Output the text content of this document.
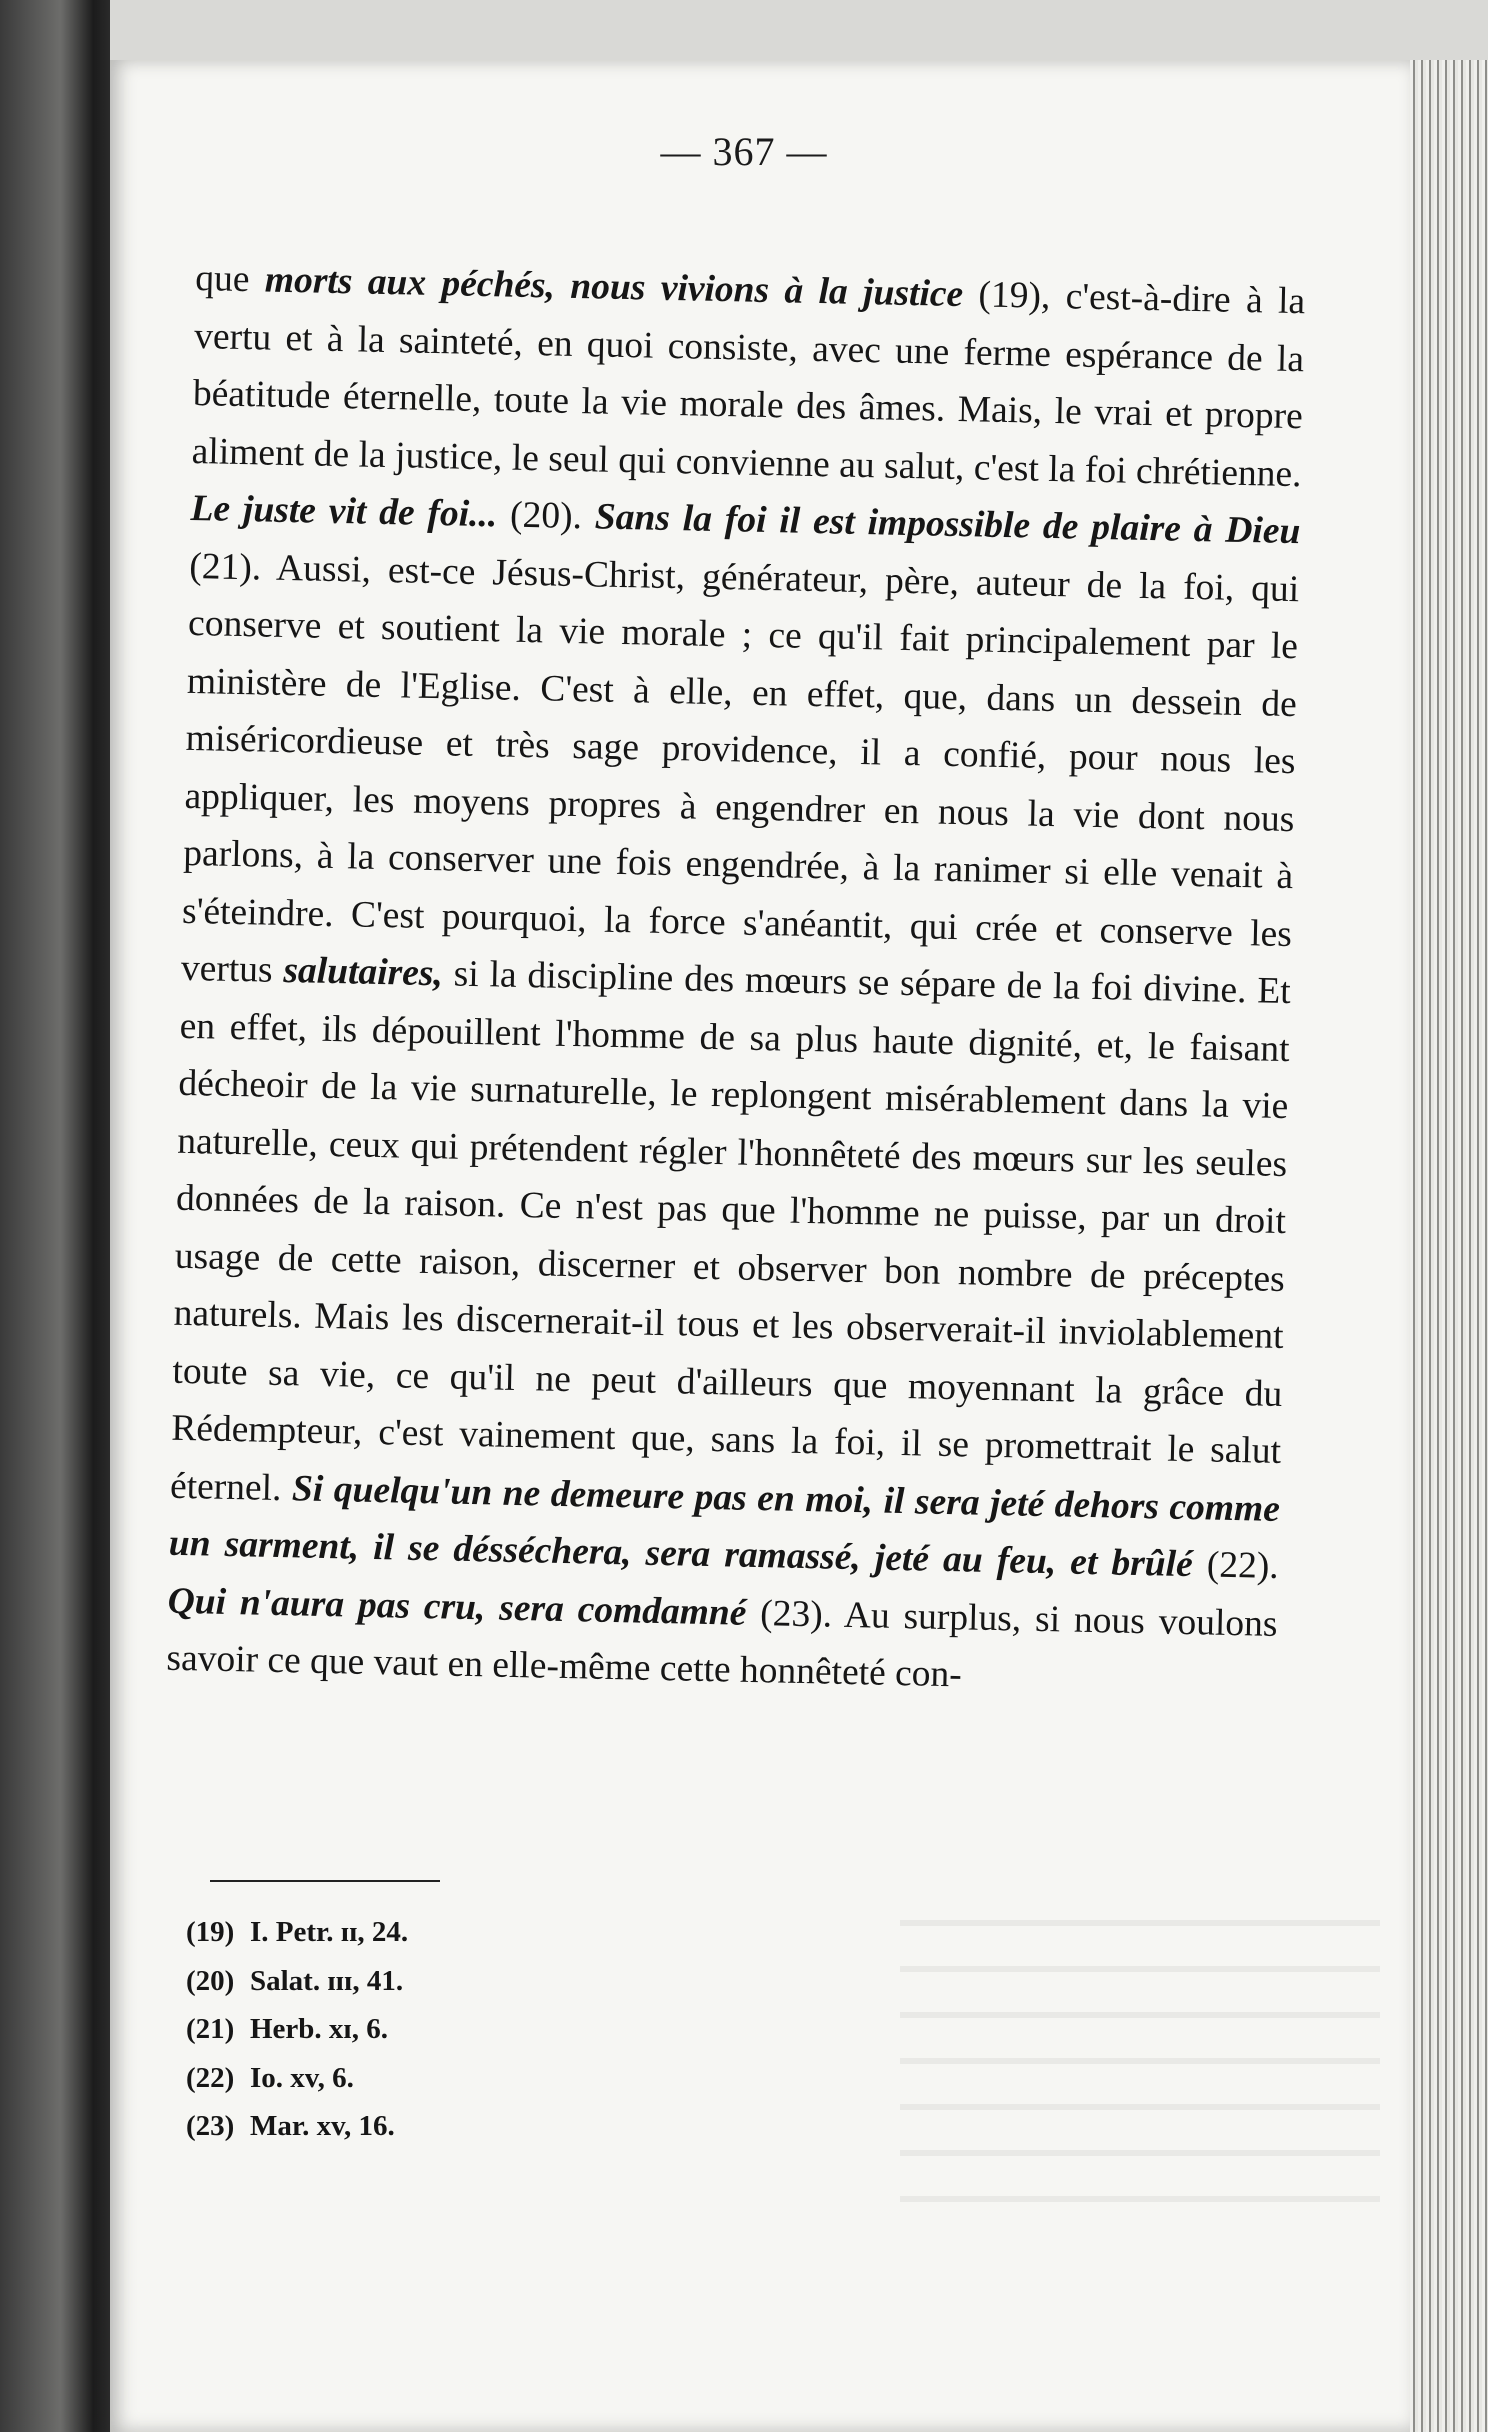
— 367 —

que morts aux péchés, nous vivions à la justice (19), c'est-à-dire à la vertu et à la sainteté, en quoi consiste, avec une ferme espérance de la béatitude éternelle, toute la vie morale des âmes. Mais, le vrai et propre aliment de la justice, le seul qui convienne au salut, c'est la foi chrétienne. Le juste vit de foi... (20). Sans la foi il est impossible de plaire à Dieu (21). Aussi, est-ce Jésus-Christ, générateur, père, auteur de la foi, qui conserve et soutient la vie morale ; ce qu'il fait principalement par le ministère de l'Eglise. C'est à elle, en effet, que, dans un dessein de miséricordieuse et très sage providence, il a confié, pour nous les appliquer, les moyens propres à engendrer en nous la vie dont nous parlons, à la conserver une fois engendrée, à la ranimer si elle venait à s'éteindre. C'est pourquoi, la force s'anéantit, qui crée et conserve les vertus salutaires, si la discipline des mœurs se sépare de la foi divine. Et en effet, ils dépouillent l'homme de sa plus haute dignité, et, le faisant décheoir de la vie surnaturelle, le replongent misérablement dans la vie naturelle, ceux qui prétendent régler l'honnêteté des mœurs sur les seules données de la raison. Ce n'est pas que l'homme ne puisse, par un droit usage de cette raison, discerner et observer bon nombre de préceptes naturels. Mais les discernerait-il tous et les observerait-il inviolablement toute sa vie, ce qu'il ne peut d'ailleurs que moyennant la grâce du Rédempteur, c'est vainement que, sans la foi, il se promettrait le salut éternel. Si quelqu'un ne demeure pas en moi, il sera jeté dehors comme un sarment, il se désséchera, sera ramassé, jeté au feu, et brûlé (22). Qui n'aura pas cru, sera comdamné (23). Au surplus, si nous voulons savoir ce que vaut en elle-même cette honnêteté con-

(19) I. Petr. ɪɪ, 24.
(20) Salat. ɪɪɪ, 41.
(21) Herb. xɪ, 6.
(22) Io. xv, 6.
(23) Mar. xv, 16.
